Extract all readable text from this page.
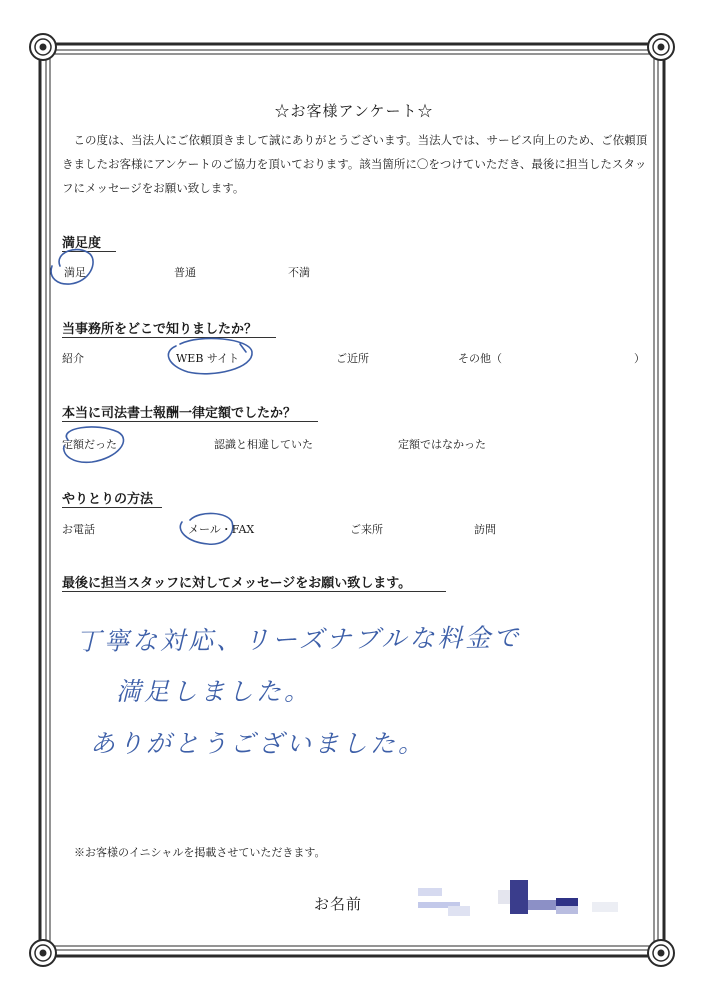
☆お客様アンケート☆

この度は、当法人にご依頼頂きまして誠にありがとうございます。当法人では、サービス向上のため、ご依頼頂きましたお客様にアンケートのご協力を頂いております。該当箇所に〇をつけていただき、最後に担当したスタッフにメッセージをお願い致します。

満足度
満足	普通	不満
当事務所をどこで知りましたか？
紹介	WEB サイト	ご近所	その他（	）
本当に司法書士報酬一律定額でしたか？
定額だった	認識と相違していた	定額ではなかった
やりとりの方法
お電話	メール・FAX	ご来所	訪問
最後に担当スタッフに対してメッセージをお願い致します。
丁寧な対応、リーズナブルな料金で
満足しました。
ありがとうございました。
※お客様のイニシャルを掲載させていただきます。
お名前
